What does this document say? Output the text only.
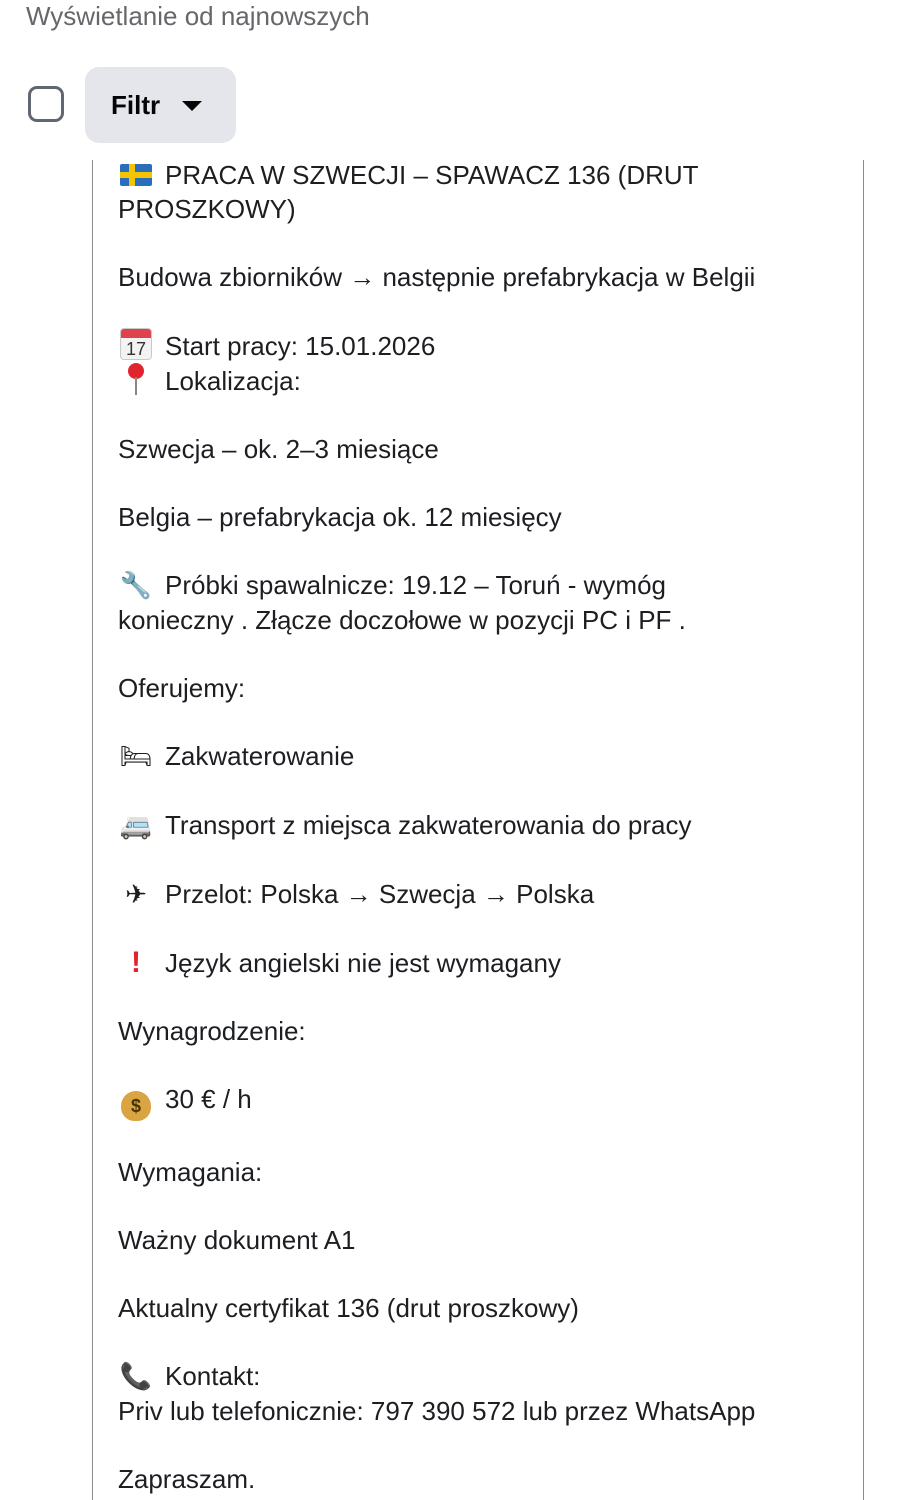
Wyświetlanie od najnowszych
Filtr

PRACA W SZWECJI – SPAWACZ 136 (DRUT

PROSZKOWY)

Budowa zbiorników → następnie prefabrykacja w Belgii

17 Start pracy: 15.01.2026

Lokalizacja:

Szwecja – ok. 2–3 miesiące

Belgia – prefabrykacja ok. 12 miesięcy

🔧 Próbki spawalnicze: 19.12 – Toruń - wymóg

konieczny . Złącze doczołowe w pozycji PC i PF .

Oferujemy:

🛏 Zakwaterowanie

🚐 Transport z miejsca zakwaterowania do pracy

✈ Przelot: Polska → Szwecja → Polska

! Język angielski nie jest wymagany

Wynagrodzenie:

$ 30 € / h

Wymagania:

Ważny dokument A1

Aktualny certyfikat 136 (drut proszkowy)

📞 Kontakt:

Priv lub telefonicznie: 797 390 572 lub przez WhatsApp

Zapraszam.
